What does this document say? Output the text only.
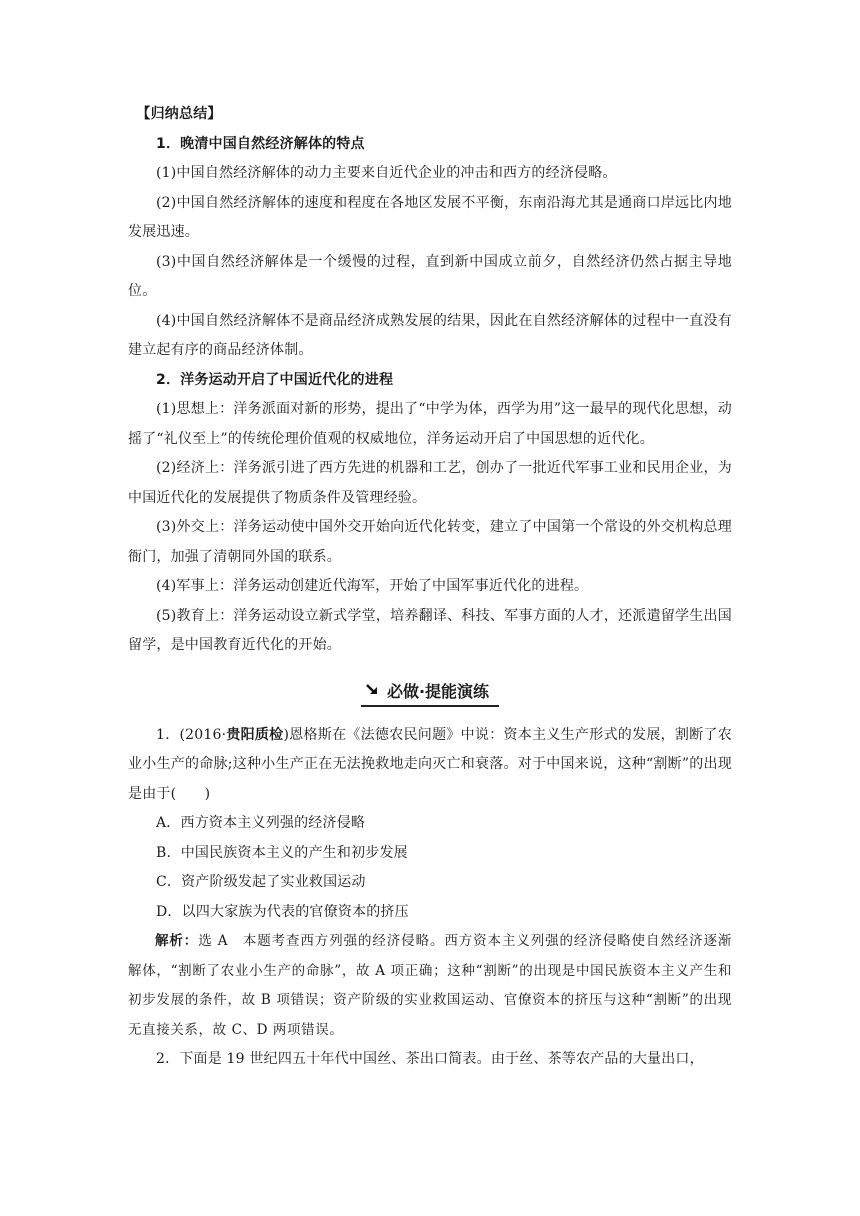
【归纳总结】

1．晚清中国自然经济解体的特点

(1)中国自然经济解体的动力主要来自近代企业的冲击和西方的经济侵略。

(2)中国自然经济解体的速度和程度在各地区发展不平衡，东南沿海尤其是通商口岸远比内地发展迅速。

(3)中国自然经济解体是一个缓慢的过程，直到新中国成立前夕，自然经济仍然占据主导地位。

(4)中国自然经济解体不是商品经济成熟发展的结果，因此在自然经济解体的过程中一直没有建立起有序的商品经济体制。

2．洋务运动开启了中国近代化的进程

(1)思想上：洋务派面对新的形势，提出了“中学为体，西学为用”这一最早的现代化思想，动摇了“礼仪至上”的传统伦理价值观的权威地位，洋务运动开启了中国思想的近代化。

(2)经济上：洋务派引进了西方先进的机器和工艺，创办了一批近代军事工业和民用企业，为中国近代化的发展提供了物质条件及管理经验。

(3)外交上：洋务运动使中国外交开始向近代化转变，建立了中国第一个常设的外交机构总理衙门，加强了清朝同外国的联系。

(4)军事上：洋务运动创建近代海军，开始了中国军事近代化的进程。

(5)教育上：洋务运动设立新式学堂，培养翻译、科技、军事方面的人才，还派遣留学生出国留学，是中国教育近代化的开始。

必做·提能演练

1．(2016·贵阳质检)恩格斯在《法德农民问题》中说：资本主义生产形式的发展，割断了农业小生产的命脉;这种小生产正在无法挽救地走向灭亡和衰落。对于中国来说，这种“割断”的出现是由于(　　)

A．西方资本主义列强的经济侵略

B．中国民族资本主义的产生和初步发展

C．资产阶级发起了实业救国运动

D．以四大家族为代表的官僚资本的挤压

解析：选 A　本题考查西方列强的经济侵略。西方资本主义列强的经济侵略使自然经济逐渐解体，“割断了农业小生产的命脉”，故 A 项正确；这种“割断”的出现是中国民族资本主义产生和初步发展的条件，故 B 项错误；资产阶级的实业救国运动、官僚资本的挤压与这种“割断”的出现无直接关系，故 C、D 两项错误。

2．下面是 19 世纪四五十年代中国丝、茶出口简表。由于丝、茶等农产品的大量出口，
